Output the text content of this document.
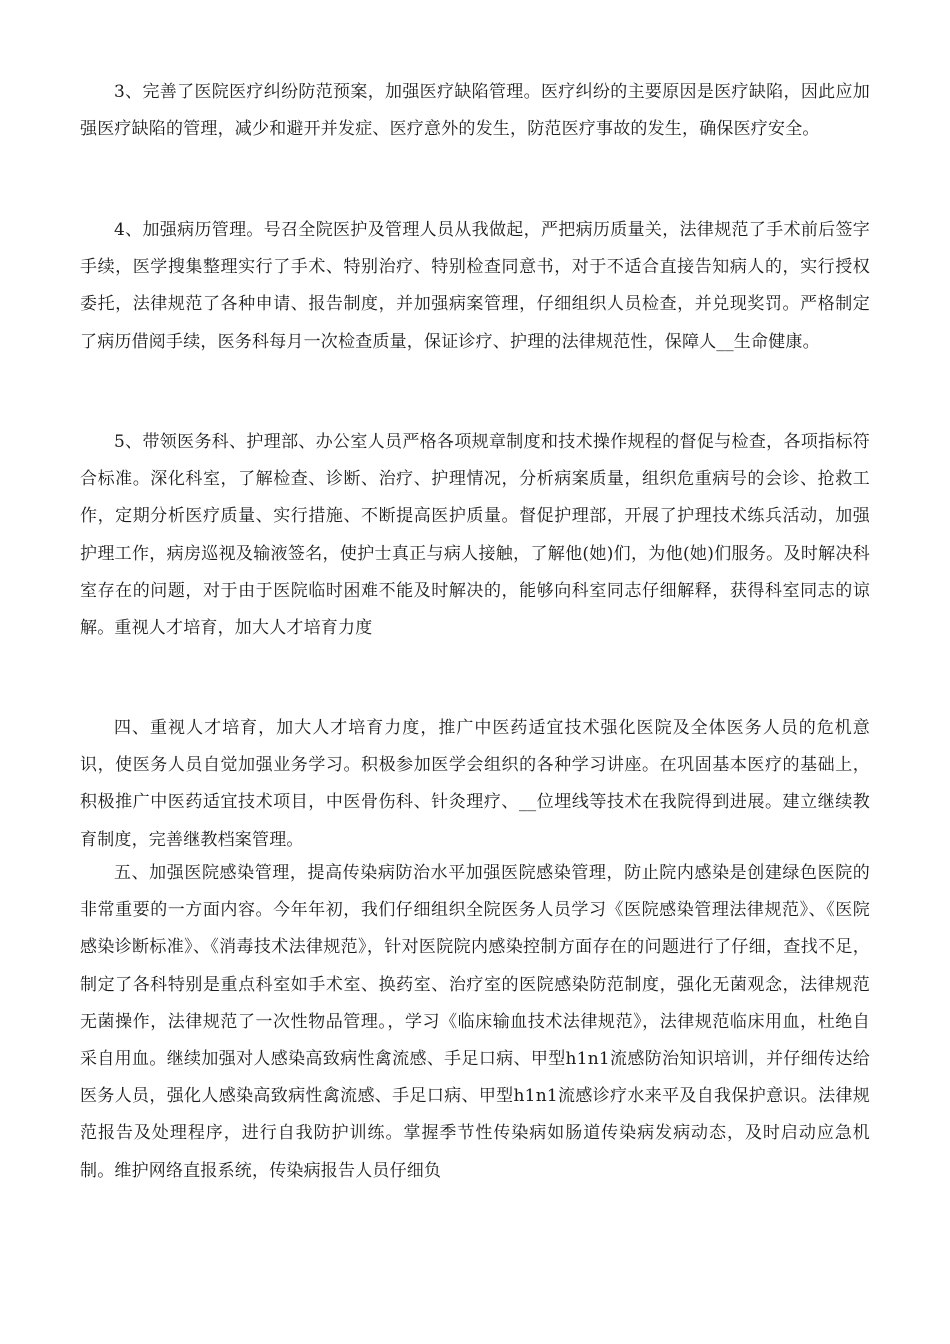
3、完善了医院医疗纠纷防范预案，加强医疗缺陷管理。医疗纠纷的主要原因是医疗缺陷，因此应加强医疗缺陷的管理，减少和避开并发症、医疗意外的发生，防范医疗事故的发生，确保医疗安全。

4、加强病历管理。号召全院医护及管理人员从我做起，严把病历质量关，法律规范了手术前后签字手续，医学搜集整理实行了手术、特别治疗、特别检查同意书，对于不适合直接告知病人的，实行授权委托，法律规范了各种申请、报告制度，并加强病案管理，仔细组织人员检查，并兑现奖罚。严格制定了病历借阅手续，医务科每月一次检查质量，保证诊疗、护理的法律规范性，保障人__生命健康。

5、带领医务科、护理部、办公室人员严格各项规章制度和技术操作规程的督促与检查，各项指标符合标准。深化科室，了解检查、诊断、治疗、护理情况，分析病案质量，组织危重病号的会诊、抢救工作，定期分析医疗质量、实行措施、不断提高医护质量。督促护理部，开展了护理技术练兵活动，加强护理工作，病房巡视及输液签名，使护士真正与病人接触，了解他(她)们，为他(她)们服务。及时解决科室存在的问题，对于由于医院临时困难不能及时解决的，能够向科室同志仔细解释，获得科室同志的谅解。重视人才培育，加大人才培育力度

四、重视人才培育，加大人才培育力度，推广中医药适宜技术强化医院及全体医务人员的危机意识，使医务人员自觉加强业务学习。积极参加医学会组织的各种学习讲座。在巩固基本医疗的基础上，积极推广中医药适宜技术项目，中医骨伤科、针灸理疗、__位埋线等技术在我院得到进展。建立继续教育制度，完善继教档案管理。

五、加强医院感染管理，提高传染病防治水平加强医院感染管理，防止院内感染是创建绿色医院的非常重要的一方面内容。今年年初，我们仔细组织全院医务人员学习《医院感染管理法律规范》、《医院感染诊断标准》、《消毒技术法律规范》，针对医院院内感染控制方面存在的问题进行了仔细，查找不足，制定了各科特别是重点科室如手术室、换药室、治疗室的医院感染防范制度，强化无菌观念，法律规范无菌操作，法律规范了一次性物品管理。，学习《临床输血技术法律规范》，法律规范临床用血，杜绝自采自用血。继续加强对人感染高致病性禽流感、手足口病、甲型h1n1流感防治知识培训，并仔细传达给医务人员，强化人感染高致病性禽流感、手足口病、甲型h1n1流感诊疗水来平及自我保护意识。法律规范报告及处理程序，进行自我防护训练。掌握季节性传染病如肠道传染病发病动态，及时启动应急机制。维护网络直报系统，传染病报告人员仔细负
